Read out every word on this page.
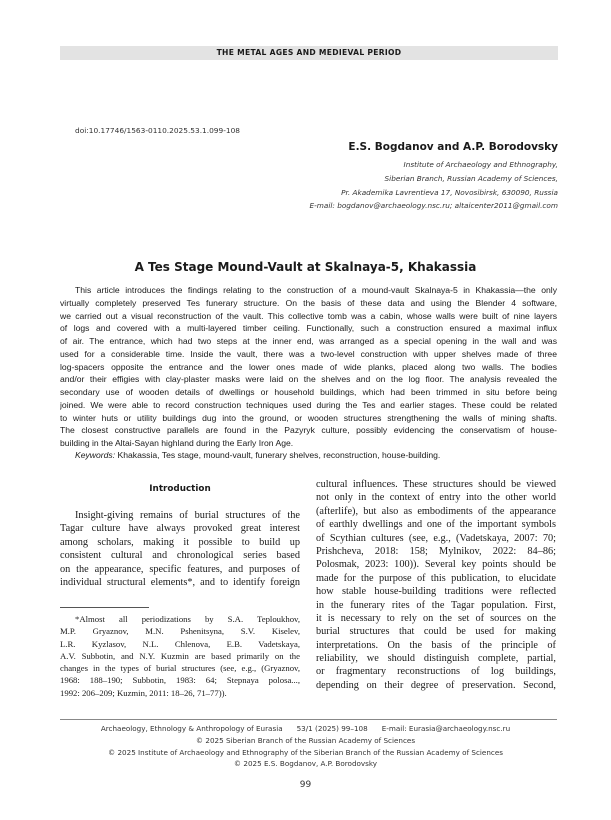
THE METAL AGES AND MEDIEVAL PERIOD
doi:10.17746/1563-0110.2025.53.1.099-108
E.S. Bogdanov and A.P. Borodovsky
Institute of Archaeology and Ethnography,
Siberian Branch, Russian Academy of Sciences,
Pr. Akademika Lavrentieva 17, Novosibirsk, 630090, Russia
E-mail: bogdanov@archaeology.nsc.ru; altaicenter2011@gmail.com
A Tes Stage Mound-Vault at Skalnaya-5, Khakassia
This article introduces the findings relating to the construction of a mound-vault Skalnaya-5 in Khakassia—the only
virtually completely preserved Tes funerary structure. On the basis of these data and using the Blender 4 software,
we carried out a visual reconstruction of the vault. This collective tomb was a cabin, whose walls were built of nine layers
of logs and covered with a multi-layered timber ceiling. Functionally, such a construction ensured a maximal influx
of air. The entrance, which had two steps at the inner end, was arranged as a special opening in the wall and was
used for a considerable time. Inside the vault, there was a two-level construction with upper shelves made of three
log-spacers opposite the entrance and the lower ones made of wide planks, placed along two walls. The bodies
and/or their effigies with clay-plaster masks were laid on the shelves and on the log floor. The analysis revealed the
secondary use of wooden details of dwellings or household buildings, which had been trimmed in situ before being
joined. We were able to record construction techniques used during the Tes and earlier stages. These could be related
to winter huts or utility buildings dug into the ground, or wooden structures strengthening the walls of mining shafts.
The closest constructive parallels are found in the Pazyryk culture, possibly evidencing the conservatism of house-
building in the Altai-Sayan highland during the Early Iron Age.
Keywords: Khakassia, Tes stage, mound-vault, funerary shelves, reconstruction, house-building.
Introduction
Insight-giving remains of burial structures of the
Tagar culture have always provoked great interest
among scholars, making it possible to build up
consistent cultural and chronological series based
on the appearance, specific features, and purposes of
individual structural elements*, and to identify foreign
*Almost all periodizations by S.A. Teploukhov,
M.P. Gryaznov, M.N. Pshenitsyna, S.V. Kiselev,
L.R. Kyzlasov, N.L. Chlenova, E.B. Vadetskaya,
A.V. Subbotin, and N.Y. Kuzmin are based primarily on the
changes in the types of burial structures (see, e.g., (Gryaznov,
1968: 188–190; Subbotin, 1983: 64; Stepnaya polosa...,
1992: 206–209; Kuzmin, 2011: 18–26, 71–77)).
cultural influences. These structures should be viewed
not only in the context of entry into the other world
(afterlife), but also as embodiments of the appearance
of earthly dwellings and one of the important symbols
of Scythian cultures (see, e.g., (Vadetskaya, 2007: 70;
Prishcheva, 2018: 158; Mylnikov, 2022: 84–86;
Polosmak, 2023: 100)). Several key points should be
made for the purpose of this publication, to elucidate
how stable house-building traditions were reflected
in the funerary rites of the Tagar population. First,
it is necessary to rely on the set of sources on the
burial structures that could be used for making
interpretations. On the basis of the principle of
reliability, we should distinguish complete, partial,
or fragmentary reconstructions of log buildings,
depending on their degree of preservation. Second,
Archaeology, Ethnology & Anthropology of Eurasia 53/1 (2025) 99–108 E-mail: Eurasia@archaeology.nsc.ru
© 2025 Siberian Branch of the Russian Academy of Sciences
© 2025 Institute of Archaeology and Ethnography of the Siberian Branch of the Russian Academy of Sciences
© 2025 E.S. Bogdanov, A.P. Borodovsky
99
